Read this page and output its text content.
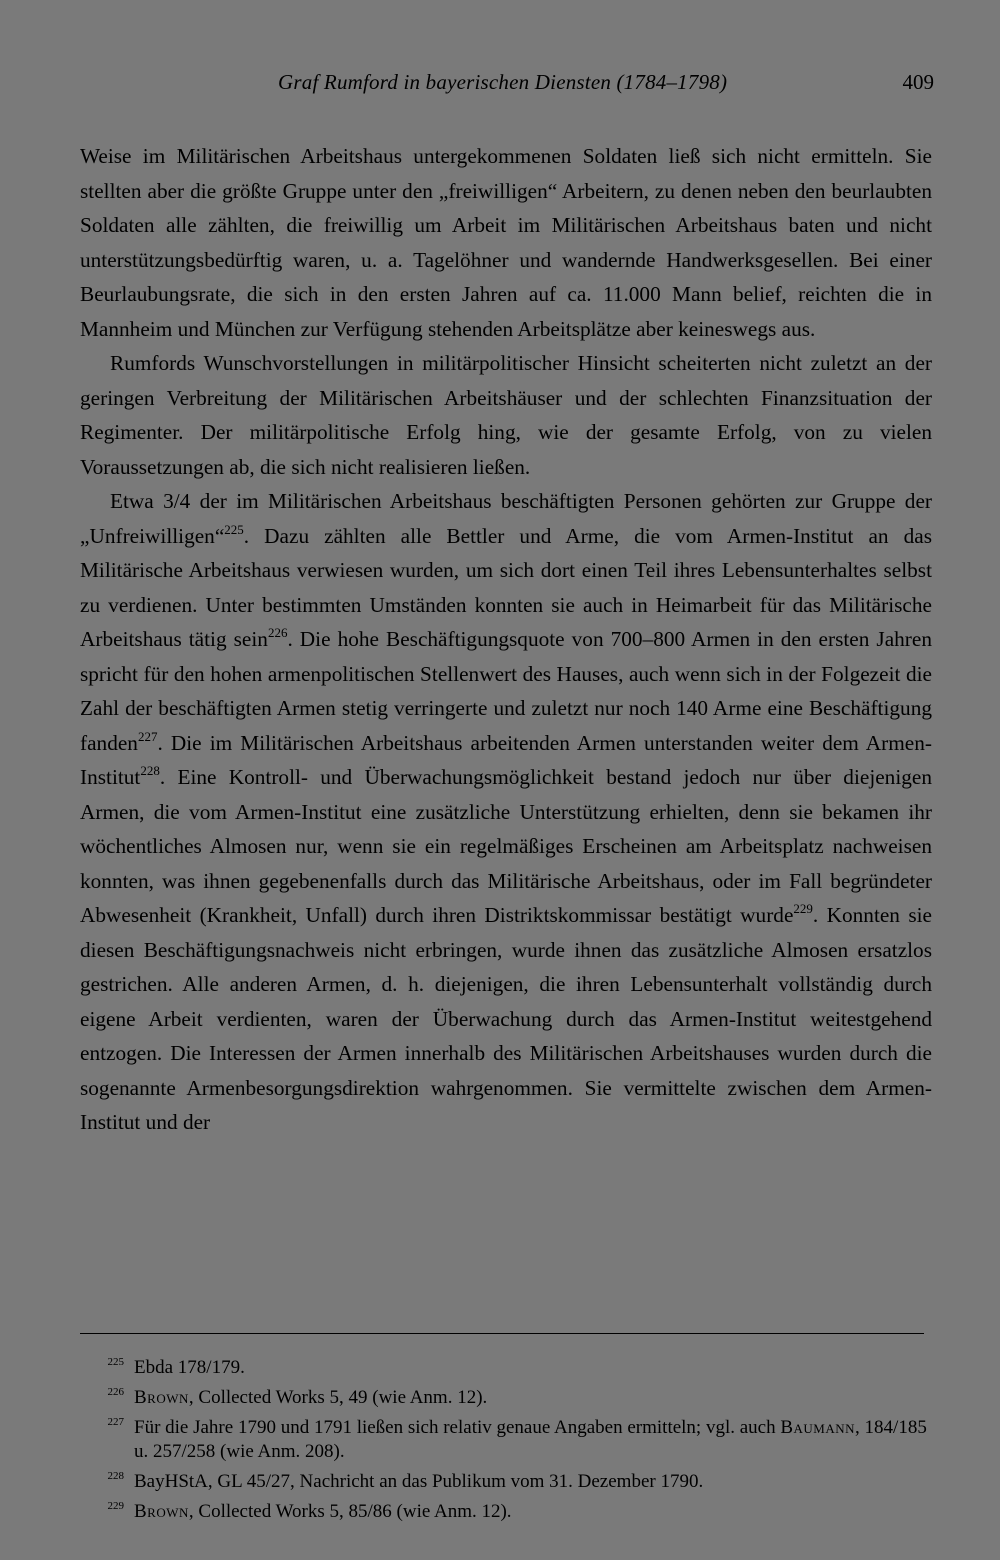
Graf Rumford in bayerischen Diensten (1784–1798)	409

Weise im Militärischen Arbeitshaus untergekommenen Soldaten ließ sich nicht ermitteln. Sie stellten aber die größte Gruppe unter den „freiwilligen“ Arbeitern, zu denen neben den beurlaubten Soldaten alle zählten, die freiwillig um Arbeit im Militärischen Arbeitshaus baten und nicht unterstützungsbedürftig waren, u. a. Tagelöhner und wandernde Handwerksgesellen. Bei einer Beurlaubungsrate, die sich in den ersten Jahren auf ca. 11.000 Mann belief, reichten die in Mannheim und München zur Verfügung stehenden Arbeitsplätze aber keineswegs aus.

Rumfords Wunschvorstellungen in militärpolitischer Hinsicht scheiterten nicht zuletzt an der geringen Verbreitung der Militärischen Arbeitshäuser und der schlechten Finanzsituation der Regimenter. Der militärpolitische Erfolg hing, wie der gesamte Erfolg, von zu vielen Voraussetzungen ab, die sich nicht realisieren ließen.

Etwa 3/4 der im Militärischen Arbeitshaus beschäftigten Personen gehörten zur Gruppe der „Unfreiwilligen“$^{225}$. Dazu zählten alle Bettler und Arme, die vom Armen-Institut an das Militärische Arbeitshaus verwiesen wurden, um sich dort einen Teil ihres Lebensunterhaltes selbst zu verdienen. Unter bestimmten Umständen konnten sie auch in Heimarbeit für das Militärische Arbeitshaus tätig sein$^{226}$. Die hohe Beschäftigungsquote von 700–800 Armen in den ersten Jahren spricht für den hohen armenpolitischen Stellenwert des Hauses, auch wenn sich in der Folgezeit die Zahl der beschäftigten Armen stetig verringerte und zuletzt nur noch 140 Arme eine Beschäftigung fanden$^{227}$. Die im Militärischen Arbeitshaus arbeitenden Armen unterstanden weiter dem Armen-Institut$^{228}$. Eine Kontroll- und Überwachungsmöglichkeit bestand jedoch nur über diejenigen Armen, die vom Armen-Institut eine zusätzliche Unterstützung erhielten, denn sie bekamen ihr wöchentliches Almosen nur, wenn sie ein regelmäßiges Erscheinen am Arbeitsplatz nachweisen konnten, was ihnen gegebenenfalls durch das Militärische Arbeitshaus, oder im Fall begründeter Abwesenheit (Krankheit, Unfall) durch ihren Distriktskommissar bestätigt wurde$^{229}$. Konnten sie diesen Beschäftigungsnachweis nicht erbringen, wurde ihnen das zusätzliche Almosen ersatzlos gestrichen. Alle anderen Armen, d. h. diejenigen, die ihren Lebensunterhalt vollständig durch eigene Arbeit verdienten, waren der Überwachung durch das Armen-Institut weitestgehend entzogen. Die Interessen der Armen innerhalb des Militärischen Arbeitshauses wurden durch die sogenannte Armenbesorgungsdirektion wahrgenommen. Sie vermittelte zwischen dem Armen-Institut und der

$^{225}$ Ebda 178/179.

$^{226}$ Brown, Collected Works 5, 49 (wie Anm. 12).

$^{227}$ Für die Jahre 1790 und 1791 ließen sich relativ genaue Angaben ermitteln; vgl. auch Baumann, 184/185 u. 257/258 (wie Anm. 208).

$^{228}$ BayHStA, GL 45/27, Nachricht an das Publikum vom 31. Dezember 1790.

$^{229}$ Brown, Collected Works 5, 85/86 (wie Anm. 12).
